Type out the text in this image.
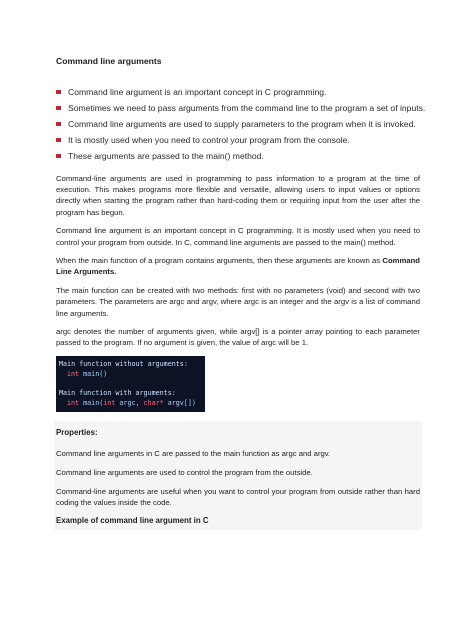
Command line arguments
Command line argument is an important concept in C programming.
Sometimes we need to pass arguments from the command line to the program a set of inputs.
Command line arguments are used to supply parameters to the program when it is invoked.
It is mostly used when you need to control your program from the console.
These arguments are passed to the main() method.

Command-line arguments are used in programming to pass information to a program at the time of execution. This makes programs more flexible and versatile, allowing users to input values or options directly when starting the program rather than hard-coding them or requiring input from the user after the program has begun.

Command line argument is an important concept in C programming. It is mostly used when you need to control your program from outside. In C, command line arguments are passed to the main() method.

When the main function of a program contains arguments, then these arguments are known as Command Line Arguments.

The main function can be created with two methods: first with no parameters (void) and second with two parameters. The parameters are argc and argv, where argc is an integer and the argv is a list of command line arguments.

argc denotes the number of arguments given, while argv[] is a pointer array pointing to each parameter passed to the program. If no argument is given, the value of argc will be 1.

Main function without arguments:
int main()
Main function with arguments:
int main(int argc, char* argv[])
Properties:

Command line arguments in C are passed to the main function as argc and argv.

Command line arguments are used to control the program from the outside.

Command-line arguments are useful when you want to control your program from outside rather than hard coding the values inside the code.

Example of command line argument in C
